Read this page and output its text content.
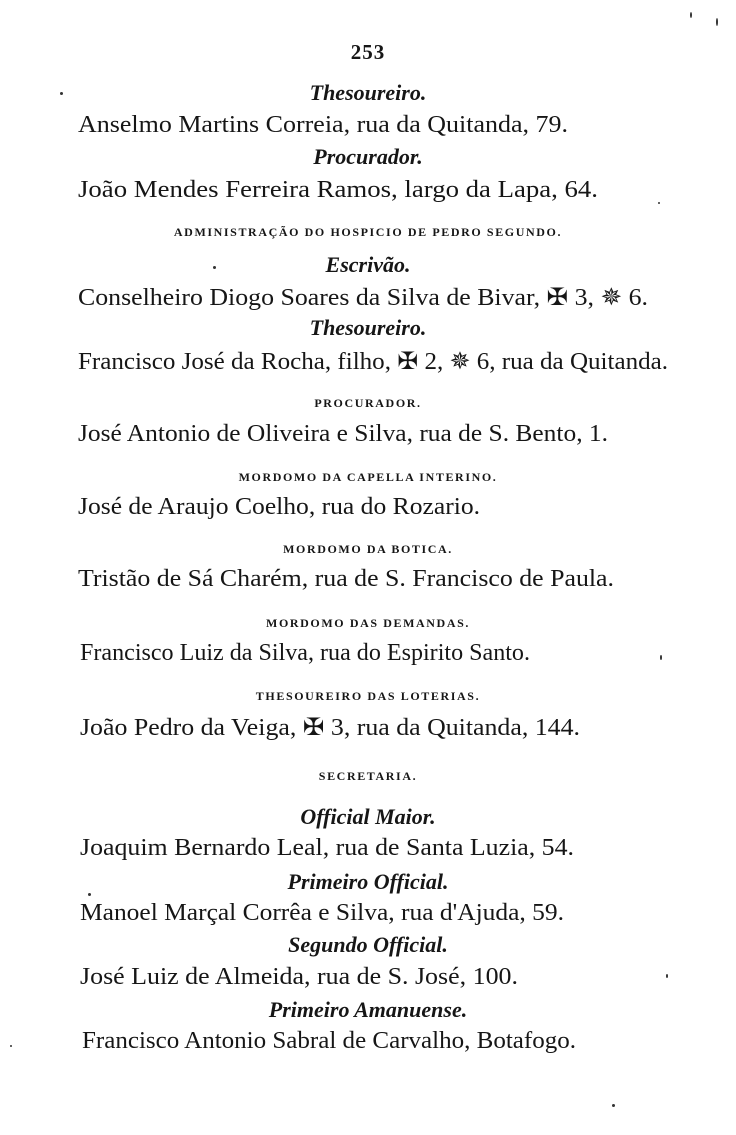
253
Thesoureiro.
Anselmo Martins Correia, rua da Quitanda, 79.
Procurador.
João Mendes Ferreira Ramos, largo da Lapa, 64.
ADMINISTRAÇÃO DO HOSPICIO DE PEDRO SEGUNDO.
Escrivão.
Conselheiro Diogo Soares da Silva de Bivar, ✠ 3, ✵ 6.
Thesoureiro.
Francisco José da Rocha, filho, ✠ 2, ✵ 6, rua da Quitanda.
PROCURADOR.
José Antonio de Oliveira e Silva, rua de S. Bento, 1.
MORDOMO DA CAPELLA INTERINO.
José de Araujo Coelho, rua do Rozario.
MORDOMO DA BOTICA.
Tristão de Sá Charém, rua de S. Francisco de Paula.
MORDOMO DAS DEMANDAS.
Francisco Luiz da Silva, rua do Espirito Santo.
THESOUREIRO DAS LOTERIAS.
João Pedro da Veiga, ✠ 3, rua da Quitanda, 144.
SECRETARIA.
Official Maior.
Joaquim Bernardo Leal, rua de Santa Luzia, 54.
Primeiro Official.
Manoel Marçal Corrêa e Silva, rua d'Ajuda, 59.
Segundo Official.
José Luiz de Almeida, rua de S. José, 100.
Primeiro Amanuense.
Francisco Antonio Sabral de Carvalho, Botafogo.
